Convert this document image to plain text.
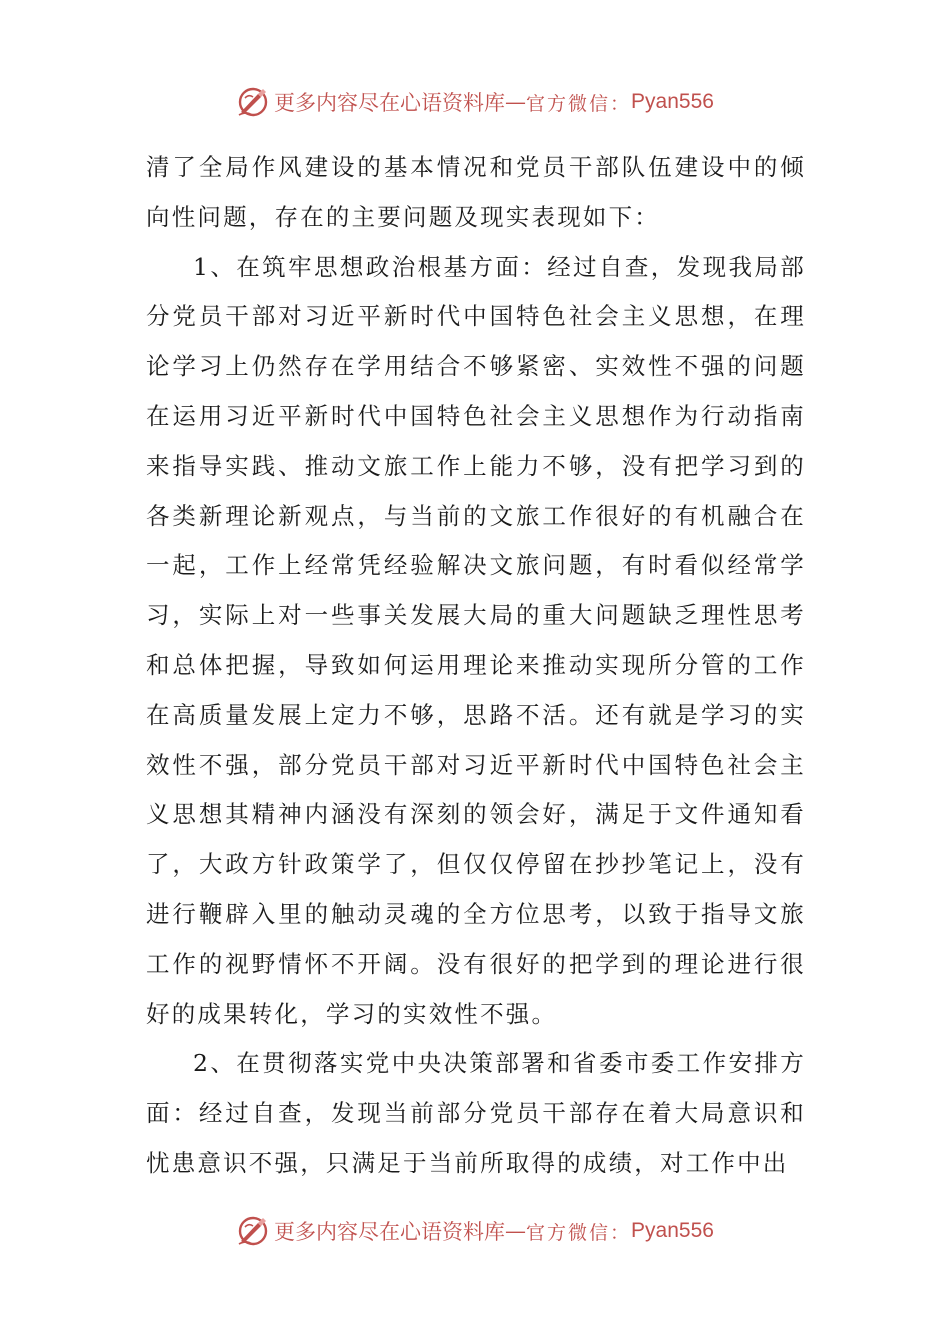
更多内容尽在心语资料库 — 官方微信： Pyan556

清了全局作风建设的基本情况和党员干部队伍建设中的倾向性问题，存在的主要问题及现实表现如下：

1、在筑牢思想政治根基方面：经过自查，发现我局部分党员干部对习近平新时代中国特色社会主义思想，在理论学习上仍然存在学用结合不够紧密、实效性不强的问题在运用习近平新时代中国特色社会主义思想作为行动指南来指导实践、推动文旅工作上能力不够，没有把学习到的各类新理论新观点，与当前的文旅工作很好的有机融合在一起，工作上经常凭经验解决文旅问题，有时看似经常学习，实际上对一些事关发展大局的重大问题缺乏理性思考和总体把握，导致如何运用理论来推动实现所分管的工作在高质量发展上定力不够，思路不活。还有就是学习的实效性不强，部分党员干部对习近平新时代中国特色社会主义思想其精神内涵没有深刻的领会好，满足于文件通知看了，大政方针政策学了，但仅仅停留在抄抄笔记上，没有进行鞭辟入里的触动灵魂的全方位思考，以致于指导文旅工作的视野情怀不开阔。没有很好的把学到的理论进行很好的成果转化，学习的实效性不强。

2、在贯彻落实党中央决策部署和省委市委工作安排方面：经过自查，发现当前部分党员干部存在着大局意识和忧患意识不强，只满足于当前所取得的成绩，对工作中出

更多内容尽在心语资料库 — 官方微信： Pyan556
